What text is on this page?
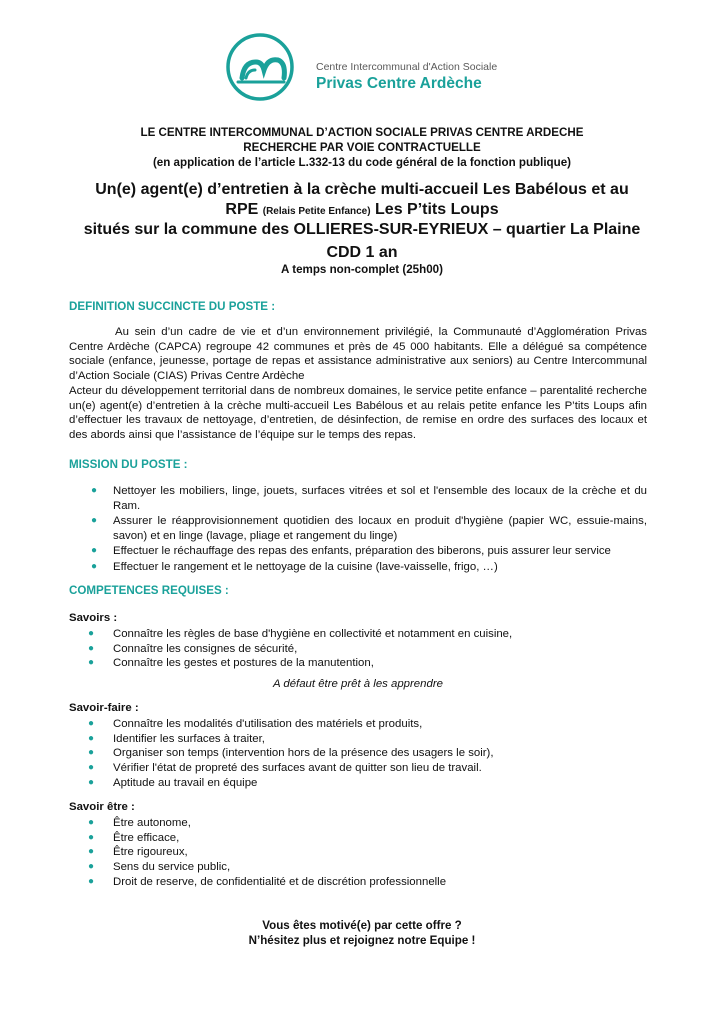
Centre Intercommunal d'Action Sociale
Privas Centre Ardèche
LE CENTRE INTERCOMMUNAL D’ACTION SOCIALE PRIVAS CENTRE ARDECHE
RECHERCHE PAR VOIE CONTRACTUELLE
(en application de l’article L.332-13 du code général de la fonction publique)
Un(e) agent(e) d’entretien à la crèche multi-accueil Les Babélous et au
RPE (Relais Petite Enfance) Les P’tits Loups
situés sur la commune des OLLIERES-SUR-EYRIEUX – quartier La Plaine
CDD 1 an
A temps non-complet (25h00)
DEFINITION SUCCINCTE DU POSTE :
Au sein d’un cadre de vie et d’un environnement privilégié, la Communauté d’Agglomération Privas Centre Ardèche (CAPCA) regroupe 42 communes et près de 45 000 habitants. Elle a délégué sa compétence sociale (enfance, jeunesse, portage de repas et assistance administrative aux seniors) au Centre Intercommunal d’Action Sociale (CIAS) Privas Centre Ardèche
Acteur du développement territorial dans de nombreux domaines, le service petite enfance – parentalité recherche un(e) agent(e) d’entretien à la crèche multi-accueil Les Babélous et au relais petite enfance les P’tits Loups afin d’effectuer les travaux de nettoyage, d’entretien, de désinfection, de remise en ordre des surfaces des locaux et des abords ainsi que l’assistance de l’équipe sur le temps des repas.
MISSION DU POSTE :
● Nettoyer les mobiliers, linge, jouets, surfaces vitrées et sol et l'ensemble des locaux de la crèche et du Ram.
● Assurer le réapprovisionnement quotidien des locaux en produit d'hygiène (papier WC, essuie-mains, savon) et en linge (lavage, pliage et rangement du linge)
● Effectuer le réchauffage des repas des enfants, préparation des biberons, puis assurer leur service
● Effectuer le rangement et le nettoyage de la cuisine (lave-vaisselle, frigo, …)
COMPETENCES REQUISES :
Savoirs :
● Connaître les règles de base d'hygiène en collectivité et notamment en cuisine,
● Connaître les consignes de sécurité,
● Connaître les gestes et postures de la manutention,
A défaut être prêt à les apprendre
Savoir-faire :
● Connaître les modalités d'utilisation des matériels et produits,
● Identifier les surfaces à traiter,
● Organiser son temps (intervention hors de la présence des usagers le soir),
● Vérifier l'état de propreté des surfaces avant de quitter son lieu de travail.
● Aptitude au travail en équipe
Savoir être :
● Être autonome,
● Être efficace,
● Être rigoureux,
● Sens du service public,
● Droit de reserve, de confidentialité et de discrétion professionnelle
Vous êtes motivé(e) par cette offre ?
N’hésitez plus et rejoignez notre Equipe !
